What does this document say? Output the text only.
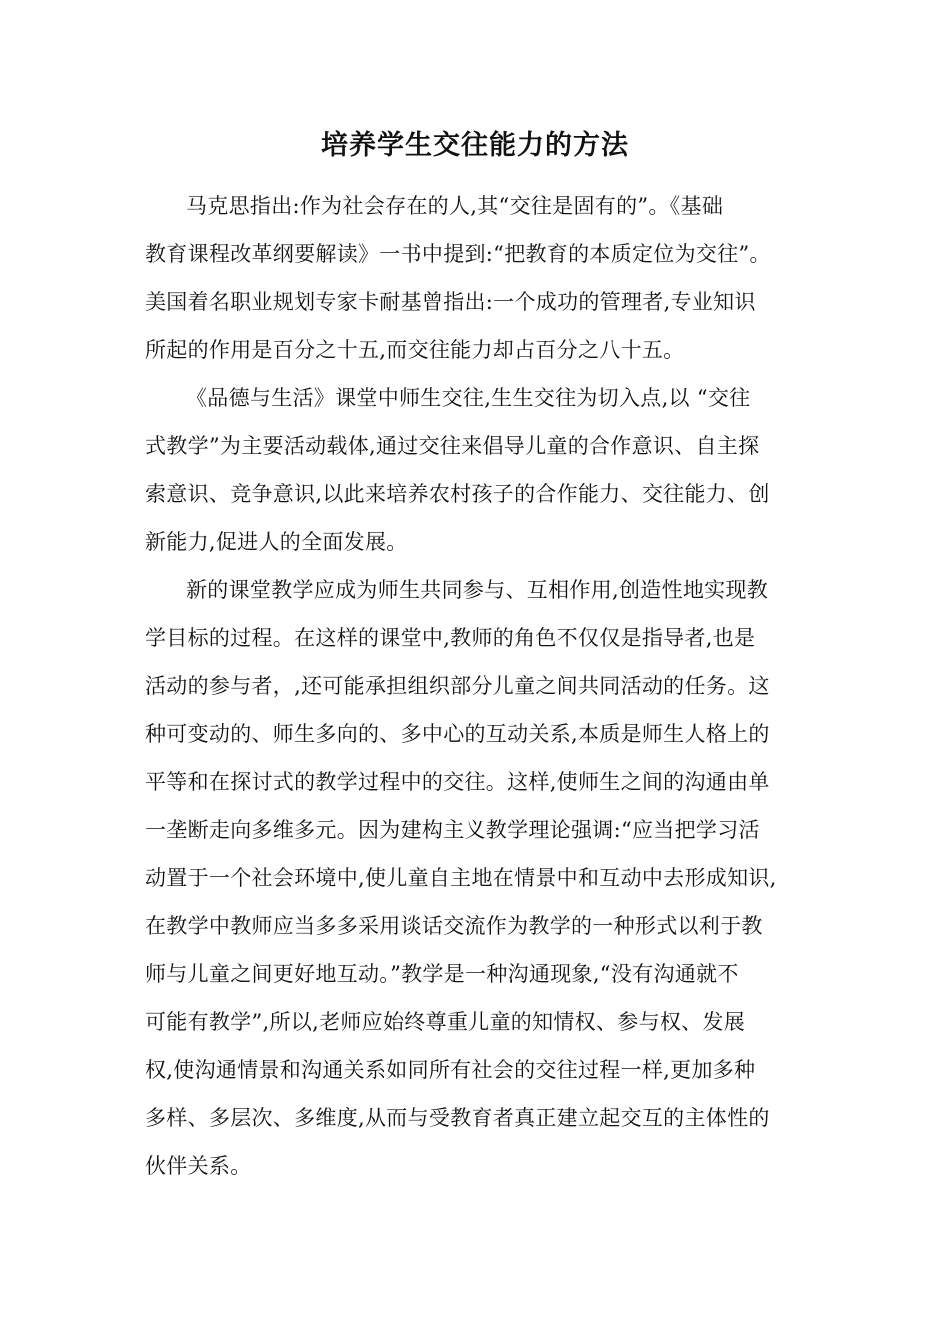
培养学生交往能力的方法
马克思指出:作为社会存在的人,其“交往是固有的”。《基础
教育课程改革纲要解读》一书中提到:“把教育的本质定位为交往”。
美国着名职业规划专家卡耐基曾指出:一个成功的管理者,专业知识
所起的作用是百分之十五,而交往能力却占百分之八十五。
《品德与生活》课堂中师生交往,生生交往为切入点,以 “交往
式教学”为主要活动载体,通过交往来倡导儿童的合作意识、自主探
索意识、竞争意识,以此来培养农村孩子的合作能力、交往能力、创
新能力,促进人的全面发展。
新的课堂教学应成为师生共同参与、互相作用,创造性地实现教
学目标的过程。在这样的课堂中,教师的角色不仅仅是指导者,也是
活动的参与者，,还可能承担组织部分儿童之间共同活动的任务。这
种可变动的、师生多向的、多中心的互动关系,本质是师生人格上的
平等和在探讨式的教学过程中的交往。这样,使师生之间的沟通由单
一垄断走向多维多元。因为建构主义教学理论强调:“应当把学习活
动置于一个社会环境中,使儿童自主地在情景中和互动中去形成知识,
在教学中教师应当多多采用谈话交流作为教学的一种形式以利于教
师与儿童之间更好地互动。”教学是一种沟通现象,“没有沟通就不
可能有教学”,所以,老师应始终尊重儿童的知情权、参与权、发展
权,使沟通情景和沟通关系如同所有社会的交往过程一样,更加多种
多样、多层次、多维度,从而与受教育者真正建立起交互的主体性的
伙伴关系。
